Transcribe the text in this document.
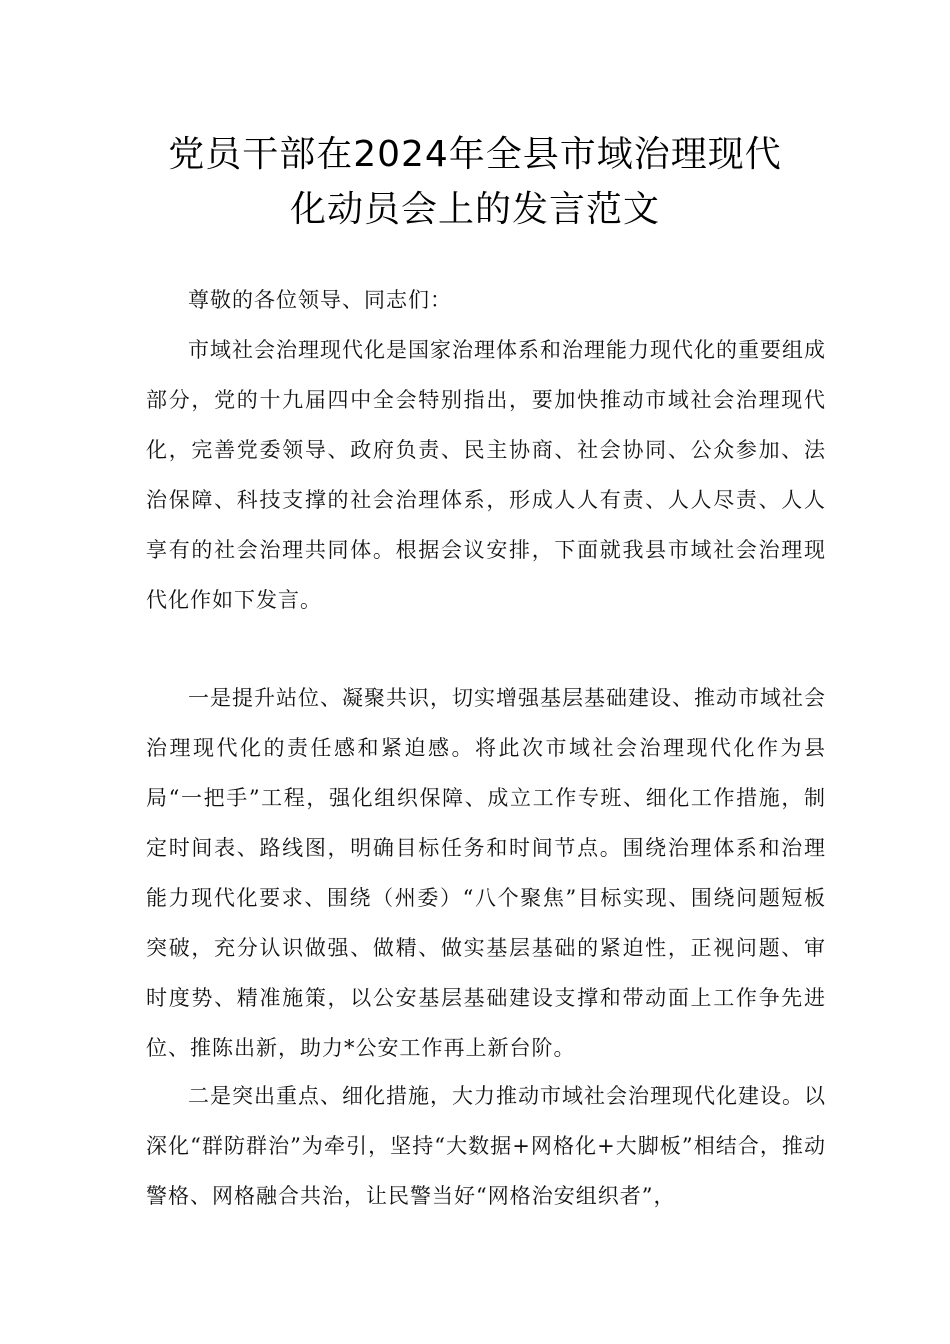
党员干部在2024年全县市域治理现代
化动员会上的发言范文

尊敬的各位领导、同志们：

市域社会治理现代化是国家治理体系和治理能力现代化的重要组成部分，党的十九届四中全会特别指出，要加快推动市域社会治理现代化，完善党委领导、政府负责、民主协商、社会协同、公众参加、法治保障、科技支撑的社会治理体系，形成人人有责、人人尽责、人人享有的社会治理共同体。根据会议安排，下面就我县市域社会治理现代化作如下发言。

一是提升站位、凝聚共识，切实增强基层基础建设、推动市域社会治理现代化的责任感和紧迫感。将此次市域社会治理现代化作为县局“一把手”工程，强化组织保障、成立工作专班、细化工作措施，制定时间表、路线图，明确目标任务和时间节点。围绕治理体系和治理能力现代化要求、围绕（州委）“八个聚焦”目标实现、围绕问题短板突破，充分认识做强、做精、做实基层基础的紧迫性，正视问题、审时度势、精准施策，以公安基层基础建设支撑和带动面上工作争先进位、推陈出新，助力*公安工作再上新台阶。

二是突出重点、细化措施，大力推动市域社会治理现代化建设。以深化“群防群治”为牵引，坚持“大数据+网格化+大脚板”相结合，推动警格、网格融合共治，让民警当好“网格治安组织者”，
